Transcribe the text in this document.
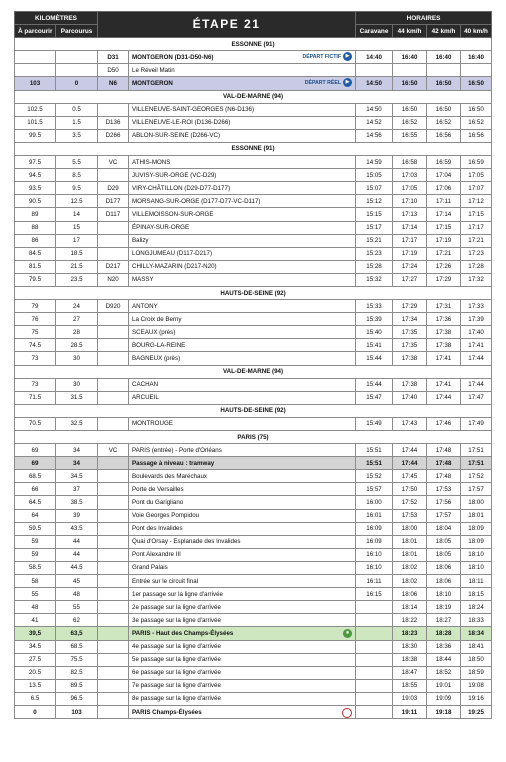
KILOMÈTRES		ÉTAPE 21		HORAIRES			
À parcourir	Parcourus			Caravane	44 km/h	42 km/h	40 km/h
ESSONNE (91)							
		D31	MONTGERON (D31-D50-N6) DÉPART FICTIF ▶	14:40	16:40	16:40	16:40
		D50	Le Réveil Matin				
103	0	N6	MONTGERON DÉPART RÉEL ▶	14:50	16:50	16:50	16:50
VAL-DE-MARNE (94)							
102.5	0.5		VILLENEUVE-SAINT-GEORGES (N6-D136)	14:50	16:50	16:50	16:50
101.5	1.5	D136	VILLENEUVE-LE-ROI (D136-D266)	14:52	16:52	16:52	16:52
99.5	3.5	D266	ABLON-SUR-SEINE (D266-VC)	14:56	16:55	16:56	16:56
ESSONNE (91)							
97.5	5.5	VC	ATHIS-MONS	14:59	16:58	16:59	16:59
94.5	8.5		JUVISY-SUR-ORGE (VC-D29)	15:05	17:03	17:04	17:05
93.5	9.5	D29	VIRY-CHÂTILLON (D29-D77-D177)	15:07	17:05	17:06	17:07
90.5	12.5	D177	MORSANG-SUR-ORGE (D177-D77-VC-D117)	15:12	17:10	17:11	17:12
89	14	D117	VILLEMOISSON-SUR-ORGE	15:15	17:13	17:14	17:15
88	15		ÉPINAY-SUR-ORGE	15:17	17:14	17:15	17:17
86	17		Balizy	15:21	17:17	17:19	17:21
84.5	18.5		LONGJUMEAU (D117-D217)	15:23	17:19	17:21	17:23
81.5	21.5	D217	CHILLY-MAZARIN (D217-N20)	15:28	17:24	17:26	17:28
79.5	23.5	N20	MASSY	15:32	17:27	17:29	17:32
HAUTS-DE-SEINE (92)							
79	24	D920	ANTONY	15:33	17:29	17:31	17:33
76	27		La Croix de Berny	15:39	17:34	17:36	17:39
75	28		SCEAUX (près)	15:40	17:35	17:38	17:40
74.5	28.5		BOURG-LA-REINE	15:41	17:35	17:38	17:41
73	30		BAGNEUX (près)	15:44	17:38	17:41	17:44
VAL-DE-MARNE (94)							
73	30		CACHAN	15:44	17:38	17:41	17:44
71.5	31.5		ARCUEIL	15:47	17:40	17:44	17:47
HAUTS-DE-SEINE (92)							
70.5	32.5		MONTROUGE	15:49	17:43	17:46	17:49
PARIS (75)							
69	34	VC	PARIS (entrée) - Porte d'Orléans	15:51	17:44	17:48	17:51
69	34		Passage à niveau : tramway	15:51	17:44	17:48	17:51
68.5	34.5		Boulevards des Maréchaux	15:52	17:45	17:48	17:52
66	37		Porte de Versailles	15:57	17:50	17:53	17:57
64.5	38.5		Pont du Garigliano	16:00	17:52	17:56	18:00
64	39		Voie Georges Pompidou	16:01	17:53	17:57	18:01
59.5	43.5		Pont des Invalides	16:09	18:00	18:04	18:09
59	44		Quai d'Orsay - Esplanade des Invalides	16:09	18:01	18:05	18:09
59	44		Pont Alexandre III	16:10	18:01	18:05	18:10
58.5	44.5		Grand Palais	16:10	18:02	18:06	18:10
58	45		Entrée sur le circuit final	16:11	18:02	18:06	18:11
55	48		1er passage sur la ligne d'arrivée	16:15	18:06	18:10	18:15
48	55		2e passage sur la ligne d'arrivée		18:14	18:19	18:24
41	62		3e passage sur la ligne d'arrivée		18:22	18:27	18:33
39,5	63,5		PARIS - Haut des Champs-Élysées ●		18:23	18:28	18:34
34.5	68.5		4e passage sur la ligne d'arrivée		18:30	18:36	18:41
27.5	75.5		5e passage sur la ligne d'arrivée		18:38	18:44	18:50
20.5	82.5		6e passage sur la ligne d'arrivée		18:47	18:52	18:59
13.5	89.5		7e passage sur la ligne d'arrivée		18:55	19:01	19:08
6.5	96.5		8e passage sur la ligne d'arrivée		19:03	19:09	19:16
0	103		PARIS Champs-Élysées		19:11	19:18	19:25
